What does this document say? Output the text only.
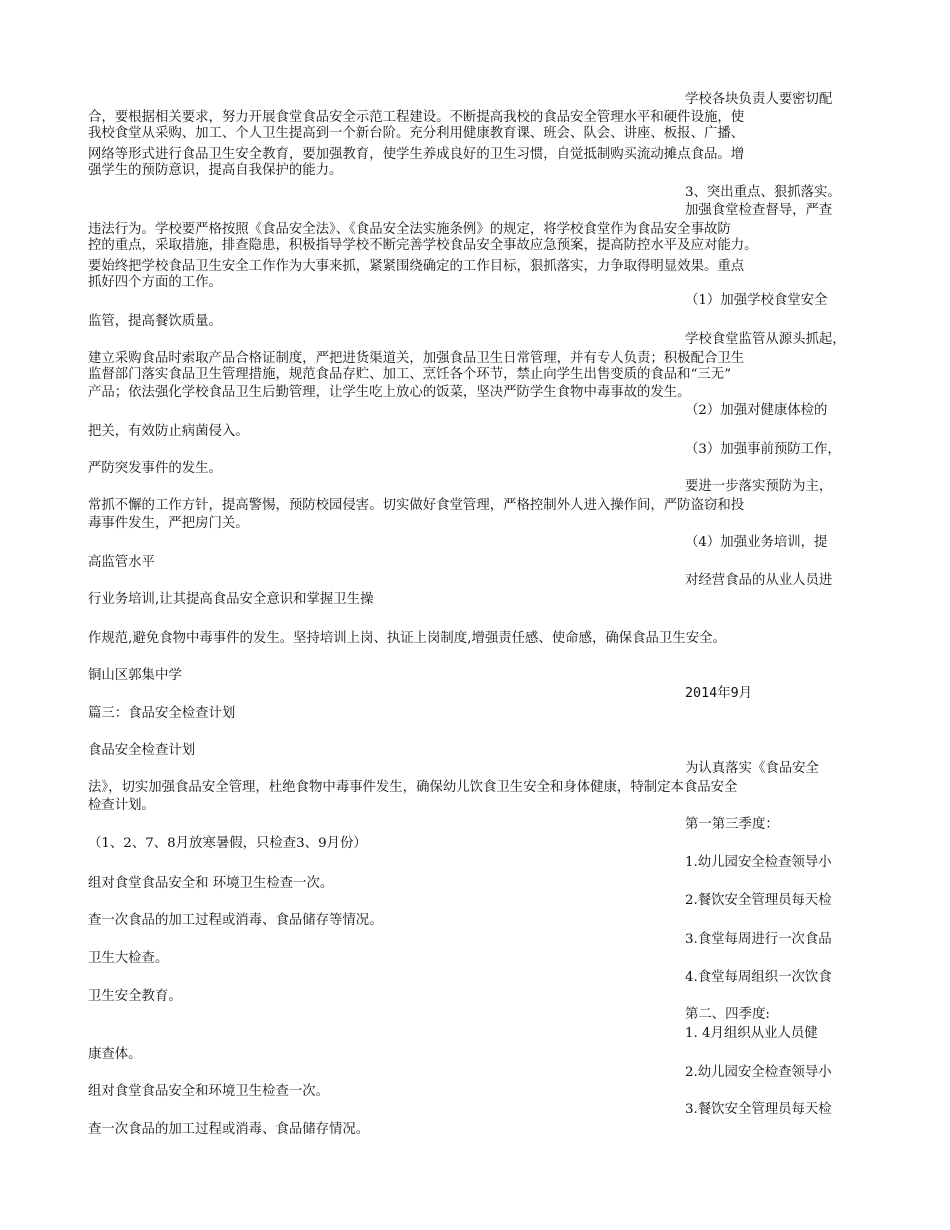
学校各块负责人要密切配
合，要根据相关要求，努力开展食堂食品安全示范工程建设。不断提高我校的食品安全管理水平和硬件设施，使
我校食堂从采购、加工、个人卫生提高到一个新台阶。充分利用健康教育课、班会、队会、讲座、板报、广播、
网络等形式进行食品卫生安全教育，要加强教育，使学生养成良好的卫生习惯，自觉抵制购买流动摊点食品。增
强学生的预防意识，提高自我保护的能力。
3、突出重点、狠抓落实。
加强食堂检查督导，严查
违法行为。学校要严格按照《食品安全法》、《食品安全法实施条例》的规定，将学校食堂作为食品安全事故防
控的重点，采取措施，排查隐患，积极指导学校不断完善学校食品安全事故应急预案，提高防控水平及应对能力。
要始终把学校食品卫生安全工作作为大事来抓，紧紧围绕确定的工作目标，狠抓落实，力争取得明显效果。重点
抓好四个方面的工作。
（1）加强学校食堂安全
监管，提高餐饮质量。
学校食堂监管从源头抓起，
建立采购食品时索取产品合格证制度，严把进货渠道关，加强食品卫生日常管理，并有专人负责；积极配合卫生
监督部门落实食品卫生管理措施，规范食品存贮、加工、烹饪各个环节，禁止向学生出售变质的食品和“三无”
产品；依法强化学校食品卫生后勤管理，让学生吃上放心的饭菜，坚决严防学生食物中毒事故的发生。
（2）加强对健康体检的
把关，有效防止病菌侵入。
（3）加强事前预防工作，
严防突发事件的发生。
要进一步落实预防为主，
常抓不懈的工作方针，提高警惕，预防校园侵害。切实做好食堂管理，严格控制外人进入操作间，严防盗窃和投
毒事件发生，严把房门关。
（4）加强业务培训，提
高监管水平
对经营食品的从业人员进
行业务培训,让其提高食品安全意识和掌握卫生操
作规范,避免食物中毒事件的发生。坚持培训上岗、执证上岗制度,增强责任感、使命感，确保食品卫生安全。
铜山区郭集中学
2014年9月
篇三：食品安全检查计划
食品安全检查计划
为认真落实《食品安全
法》，切实加强食品安全管理，杜绝食物中毒事件发生，确保幼儿饮食卫生安全和身体健康，特制定本食品安全
检查计划。
第一第三季度：
（1、2、7、8月放寒暑假，只检查3、9月份）
1.幼儿园安全检查领导小
组对食堂食品安全和 环境卫生检查一次。
2.餐饮安全管理员每天检
查一次食品的加工过程或消毒、食品储存等情况。
3.食堂每周进行一次食品
卫生大检查。
4.食堂每周组织一次饮食
卫生安全教育。
第二、四季度:
1. 4月组织从业人员健
康查体。
2.幼儿园安全检查领导小
组对食堂食品安全和环境卫生检查一次。
3.餐饮安全管理员每天检
查一次食品的加工过程或消毒、食品储存情况。
